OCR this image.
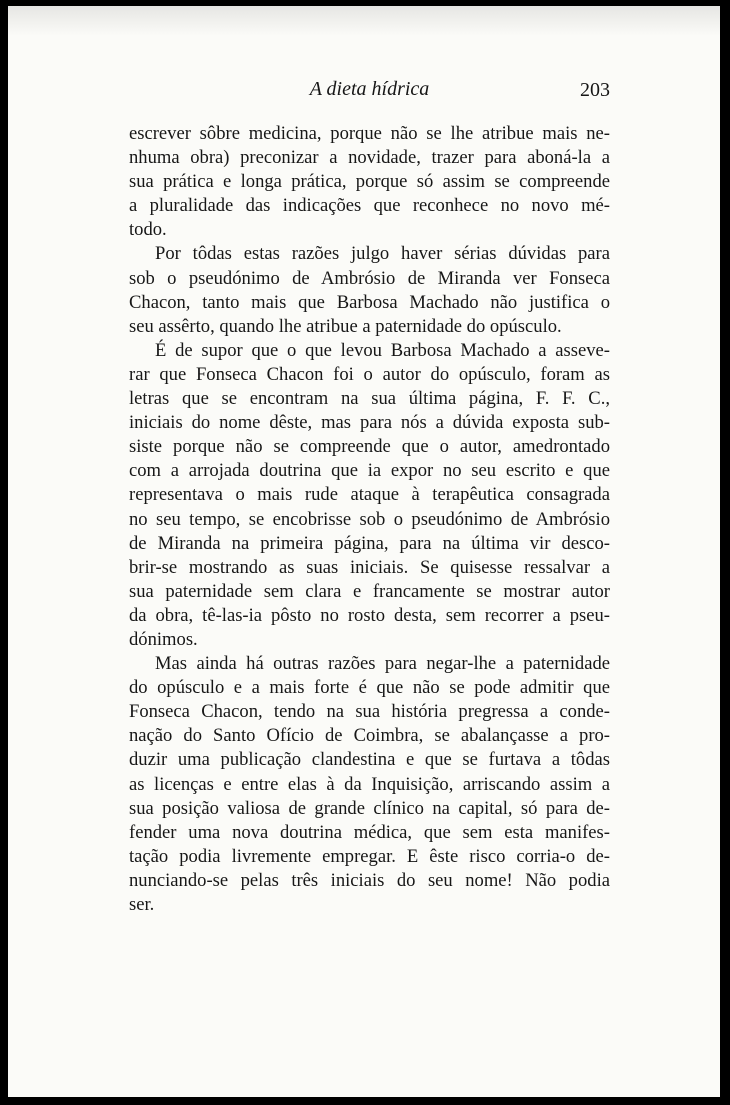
A dieta hídrica	203
escrever sôbre medicina, porque não se lhe atribue mais ne-
nhuma obra) preconizar a novidade, trazer para aboná-la a
sua prática e longa prática, porque só assim se compreende
a pluralidade das indicações que reconhece no novo mé-
todo.
Por tôdas estas razões julgo haver sérias dúvidas para
sob o pseudónimo de Ambrósio de Miranda ver Fonseca
Chacon, tanto mais que Barbosa Machado não justifica o
seu assêrto, quando lhe atribue a paternidade do opúsculo.
É de supor que o que levou Barbosa Machado a asseve-
rar que Fonseca Chacon foi o autor do opúsculo, foram as
letras que se encontram na sua última página, F. F. C.,
iniciais do nome dêste, mas para nós a dúvida exposta sub-
siste porque não se compreende que o autor, amedrontado
com a arrojada doutrina que ia expor no seu escrito e que
representava o mais rude ataque à terapêutica consagrada
no seu tempo, se encobrisse sob o pseudónimo de Ambrósio
de Miranda na primeira página, para na última vir desco-
brir-se mostrando as suas iniciais. Se quisesse ressalvar a
sua paternidade sem clara e francamente se mostrar autor
da obra, tê-las-ia pôsto no rosto desta, sem recorrer a pseu-
dónimos.
Mas ainda há outras razões para negar-lhe a paternidade
do opúsculo e a mais forte é que não se pode admitir que
Fonseca Chacon, tendo na sua história pregressa a conde-
nação do Santo Ofício de Coimbra, se abalançasse a pro-
duzir uma publicação clandestina e que se furtava a tôdas
as licenças e entre elas à da Inquisição, arriscando assim a
sua posição valiosa de grande clínico na capital, só para de-
fender uma nova doutrina médica, que sem esta manifes-
tação podia livremente empregar. E êste risco corria-o de-
nunciando-se pelas três iniciais do seu nome! Não podia
ser.
